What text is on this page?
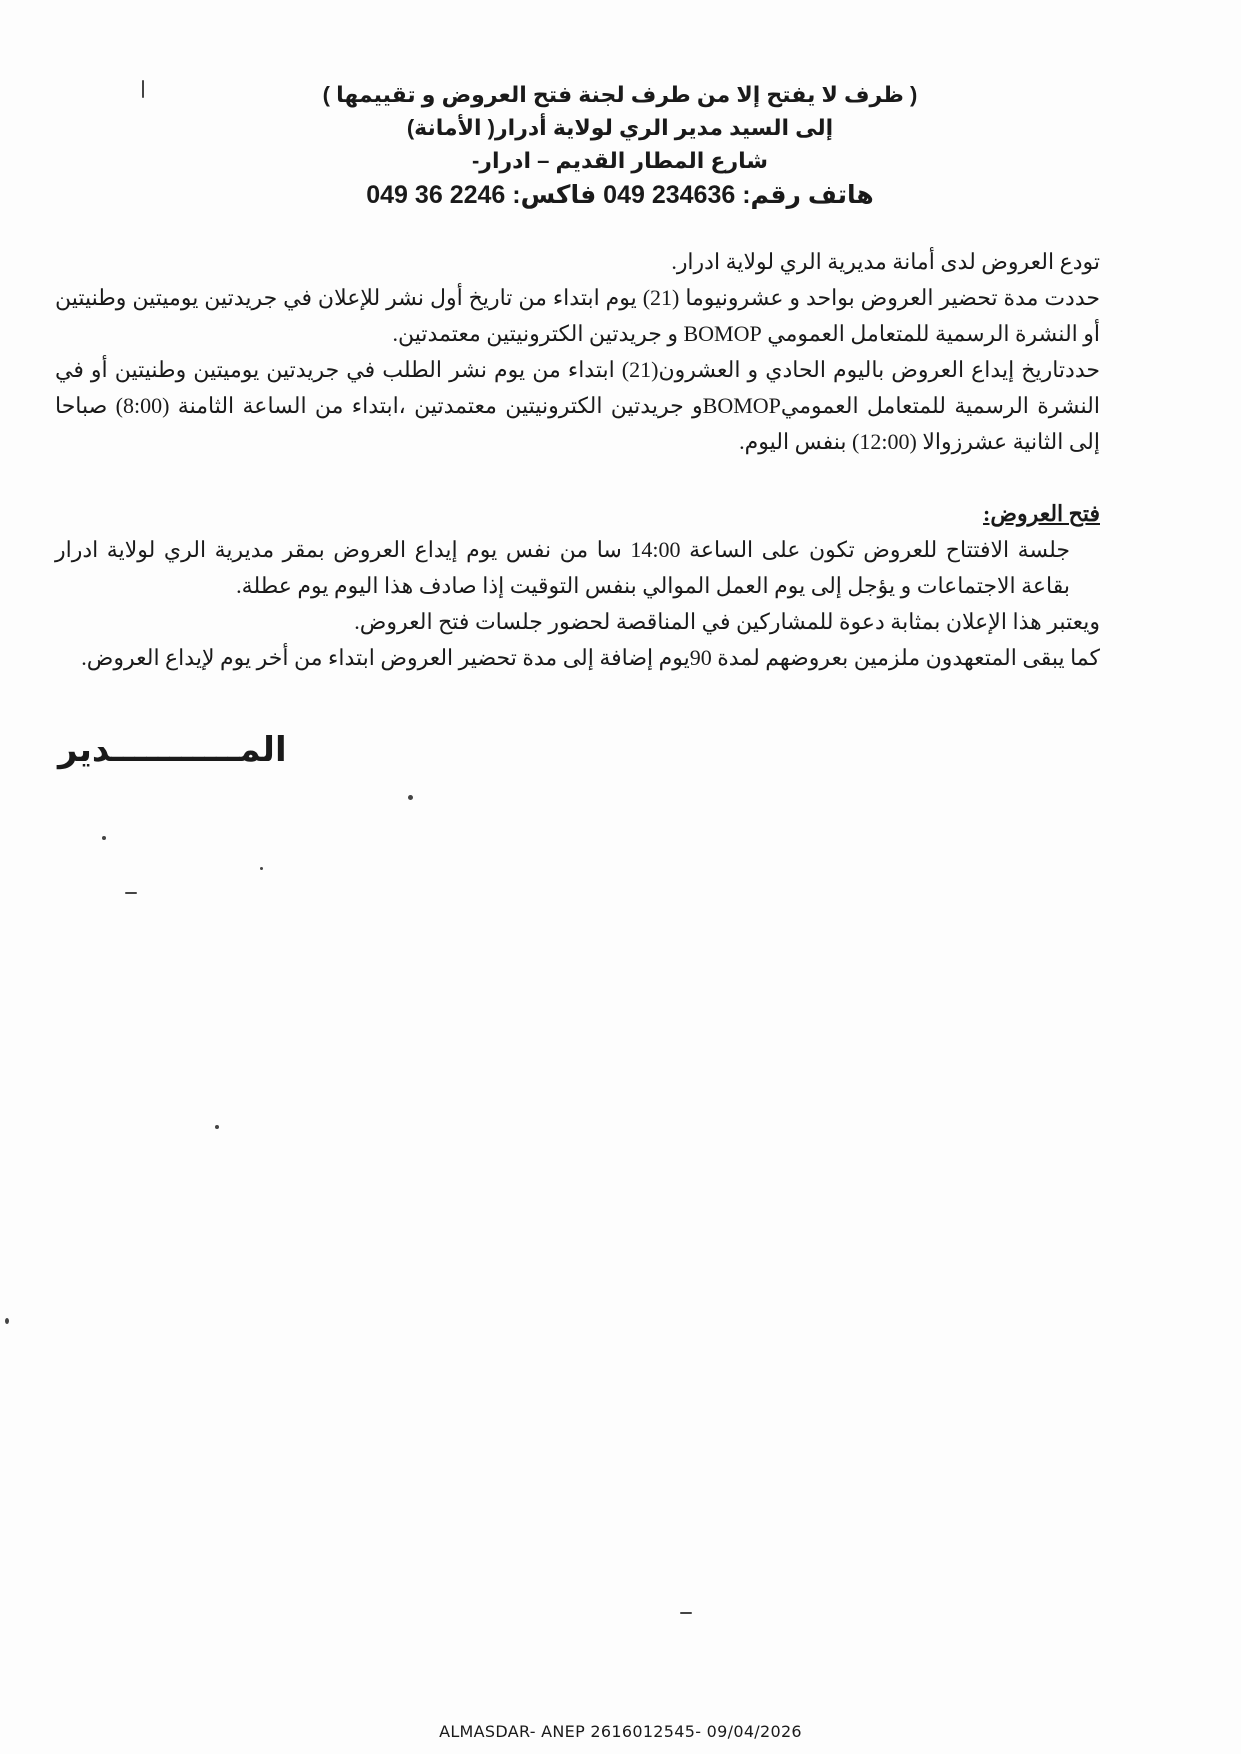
( ظرف لا يفتح إلا من طرف لجنة فتح العروض و تقييمها )
إلى السيد مدير الري لولاية أدرار( الأمانة)
شارع المطار القديم – ادرار-
هاتف رقم: 234636 049 فاكس: 2246 36 049

تودع العروض لدى أمانة مديرية الري لولاية ادرار.

حددت مدة تحضير العروض بواحد و عشرونيوما (21) يوم ابتداء من تاريخ أول نشر للإعلان في جريدتين يوميتين وطنيتين أو النشرة الرسمية للمتعامل العمومي BOMOP و جريدتين الكترونيتين معتمدتين.

حددتاريخ إيداع العروض باليوم الحادي و العشرون(21) ابتداء من يوم نشر الطلب في جريدتين يوميتين وطنيتين أو في النشرة الرسمية للمتعامل العموميBOMOPو جريدتين الكترونيتين معتمدتين ،ابتداء من الساعة الثامنة (8:00) صباحا إلى الثانية عشرزوالا (12:00) بنفس اليوم.

فتح العروض:

جلسة الافتتاح للعروض تكون على الساعة 14:00 سا من نفس يوم إيداع العروض بمقر مديرية الري لولاية ادرار بقاعة الاجتماعات و يؤجل إلى يوم العمل الموالي بنفس التوقيت إذا صادف هذا اليوم يوم عطلة.

ويعتبر هذا الإعلان بمثابة دعوة للمشاركين في المناقصة لحضور جلسات فتح العروض.

كما يبقى المتعهدون ملزمين بعروضهم لمدة 90يوم إضافة إلى مدة تحضير العروض ابتداء من أخر يوم لإيداع العروض.

المـــــــــــدير
ALMASDAR- ANEP 2616012545- 09/04/2026
